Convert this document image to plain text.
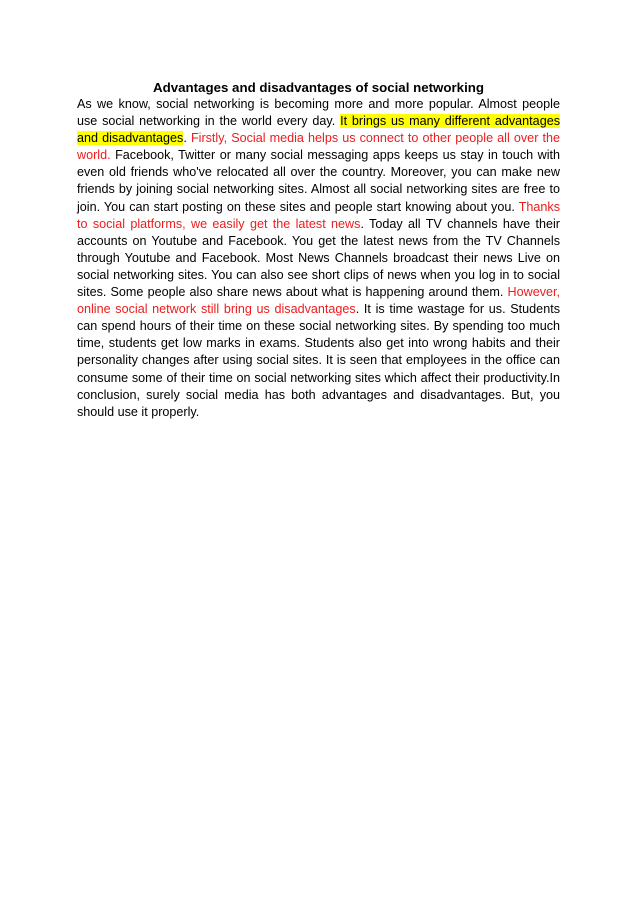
Advantages and disadvantages of social networking

As we know, social networking is becoming more and more popular. Almost people use social networking in the world every day. It brings us many different advantages and disadvantages. Firstly, Social media helps us connect to other people all over the world. Facebook, Twitter or many social messaging apps keeps us stay in touch with even old friends who've relocated all over the country. Moreover, you can make new friends by joining social networking sites. Almost all social networking sites are free to join. You can start posting on these sites and people start knowing about you. Thanks to social platforms, we easily get the latest news. Today all TV channels have their accounts on Youtube and Facebook. You get the latest news from the TV Channels through Youtube and Facebook. Most News Channels broadcast their news Live on social networking sites. You can also see short clips of news when you log in to social sites. Some people also share news about what is happening around them. However, online social network still bring us disadvantages. It is time wastage for us. Students can spend hours of their time on these social networking sites. By spending too much time, students get low marks in exams. Students also get into wrong habits and their personality changes after using social sites. It is seen that employees in the office can consume some of their time on social networking sites which affect their productivity.In conclusion, surely social media has both advantages and disadvantages. But, you should use it properly.
